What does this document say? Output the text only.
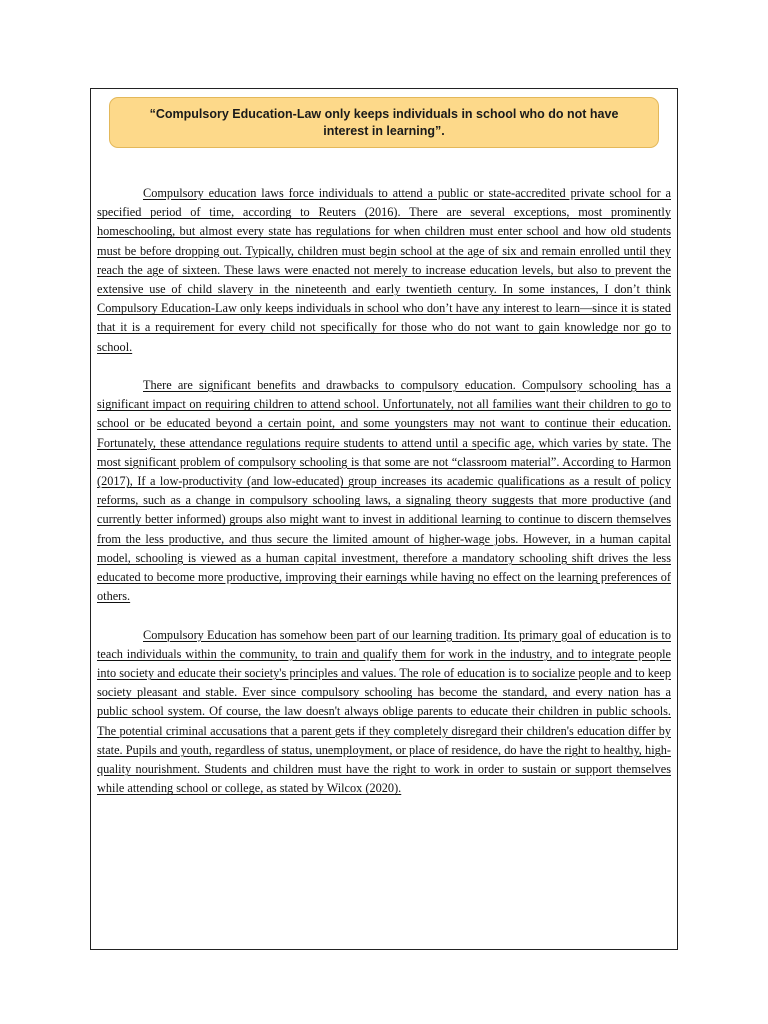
“Compulsory Education-Law only keeps individuals in school who do not have interest in learning”.

Compulsory education laws force individuals to attend a public or state-accredited private school for a specified period of time, according to Reuters (2016). There are several exceptions, most prominently homeschooling, but almost every state has regulations for when children must enter school and how old students must be before dropping out. Typically, children must begin school at the age of six and remain enrolled until they reach the age of sixteen. These laws were enacted not merely to increase education levels, but also to prevent the extensive use of child slavery in the nineteenth and early twentieth century. In some instances, I don’t think Compulsory Education-Law only keeps individuals in school who don’t have any interest to learn—since it is stated that it is a requirement for every child not specifically for those who do not want to gain knowledge nor go to school.

There are significant benefits and drawbacks to compulsory education. Compulsory schooling has a significant impact on requiring children to attend school. Unfortunately, not all families want their children to go to school or be educated beyond a certain point, and some youngsters may not want to continue their education. Fortunately, these attendance regulations require students to attend until a specific age, which varies by state. The most significant problem of compulsory schooling is that some are not “classroom material”. According to Harmon (2017), If a low-productivity (and low-educated) group increases its academic qualifications as a result of policy reforms, such as a change in compulsory schooling laws, a signaling theory suggests that more productive (and currently better informed) groups also might want to invest in additional learning to continue to discern themselves from the less productive, and thus secure the limited amount of higher-wage jobs. However, in a human capital model, schooling is viewed as a human capital investment, therefore a mandatory schooling shift drives the less educated to become more productive, improving their earnings while having no effect on the learning preferences of others.

Compulsory Education has somehow been part of our learning tradition. Its primary goal of education is to teach individuals within the community, to train and qualify them for work in the industry, and to integrate people into society and educate their society's principles and values. The role of education is to socialize people and to keep society pleasant and stable. Ever since compulsory schooling has become the standard, and every nation has a public school system. Of course, the law doesn't always oblige parents to educate their children in public schools. The potential criminal accusations that a parent gets if they completely disregard their children's education differ by state. Pupils and youth, regardless of status, unemployment, or place of residence, do have the right to healthy, high-quality nourishment. Students and children must have the right to work in order to sustain or support themselves while attending school or college, as stated by Wilcox (2020).
